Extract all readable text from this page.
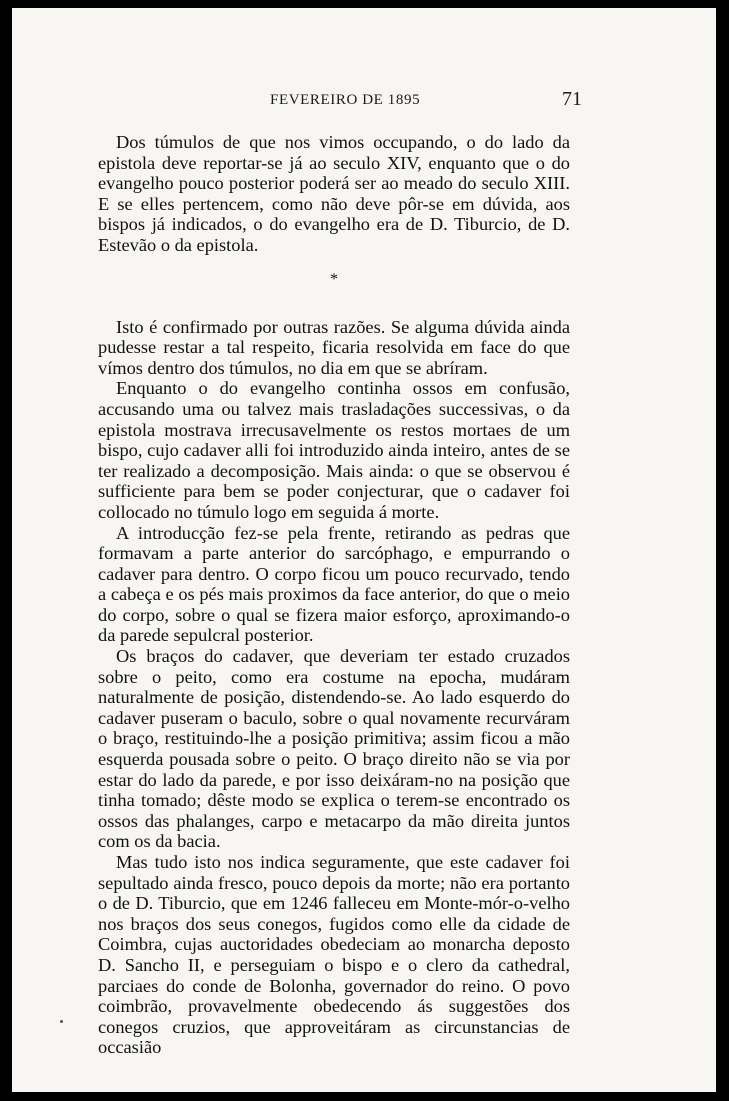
FEVEREIRO DE 1895	71

Dos túmulos de que nos vimos occupando, o do lado da epistola deve reportar-se já ao seculo XIV, enquanto que o do evangelho pouco posterior poderá ser ao meado do seculo XIII. E se elles pertencem, como não deve pôr-se em dúvida, aos bispos já indicados, o do evangelho era de D. Tiburcio, de D. Estevão o da epistola.

*

Isto é confirmado por outras razões. Se alguma dúvida ainda pudesse restar a tal respeito, ficaria resolvida em face do que vímos dentro dos túmulos, no dia em que se abríram.

Enquanto o do evangelho continha ossos em confusão, accusando uma ou talvez mais trasladações successivas, o da epistola mostrava irrecusavelmente os restos mortaes de um bispo, cujo cadaver alli foi introduzido ainda inteiro, antes de se ter realizado a decomposição. Mais ainda: o que se observou é sufficiente para bem se poder conjecturar, que o cadaver foi collocado no túmulo logo em seguida á morte.

A introducção fez-se pela frente, retirando as pedras que formavam a parte anterior do sarcóphago, e empurrando o cadaver para dentro. O corpo ficou um pouco recurvado, tendo a cabeça e os pés mais proximos da face anterior, do que o meio do corpo, sobre o qual se fizera maior esforço, aproximando-o da parede sepulcral posterior.

Os braços do cadaver, que deveriam ter estado cruzados sobre o peito, como era costume na epocha, mudáram naturalmente de posição, distendendo-se. Ao lado esquerdo do cadaver puseram o baculo, sobre o qual novamente recurváram o braço, restituindo-lhe a posição primitiva; assim ficou a mão esquerda pousada sobre o peito. O braço direito não se via por estar do lado da parede, e por isso deixáram-no na posição que tinha tomado; dêste modo se explica o terem-se encontrado os ossos das phalanges, carpo e metacarpo da mão direita juntos com os da bacia.

Mas tudo isto nos indica seguramente, que este cadaver foi sepultado ainda fresco, pouco depois da morte; não era portanto o de D. Tiburcio, que em 1246 falleceu em Monte-mór-o-velho nos braços dos seus conegos, fugidos como elle da cidade de Coimbra, cujas auctoridades obedeciam ao monarcha deposto D. Sancho II, e perseguiam o bispo e o clero da cathedral, parciaes do conde de Bolonha, governador do reino. O povo coimbrão, provavelmente obedecendo ás suggestões dos conegos cruzios, que approveitáram as circunstancias de occasião
